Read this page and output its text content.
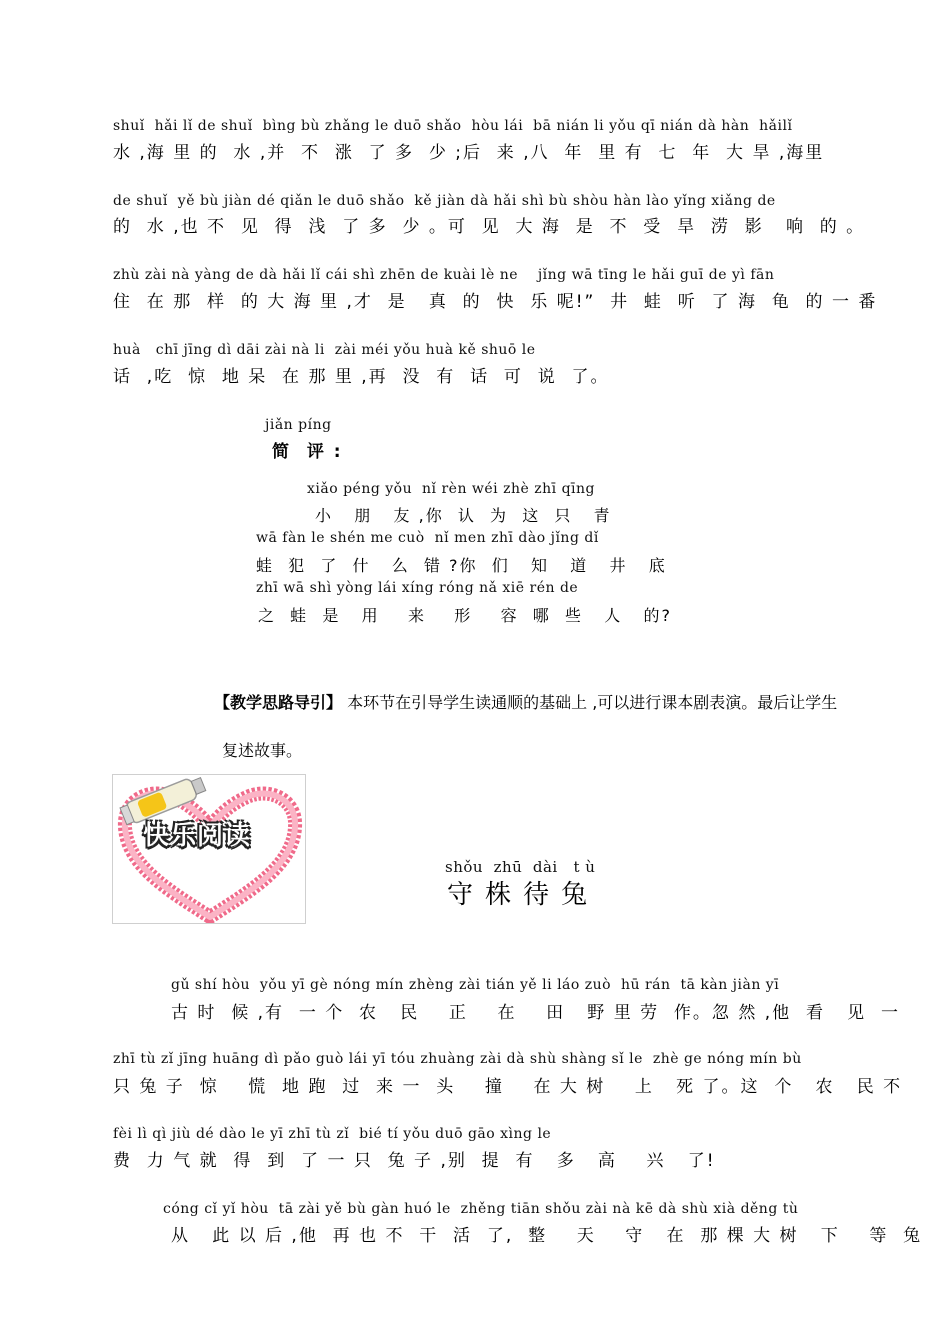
shuǐ  hǎi lǐ de shuǐ  bìng bù zhǎng le duō shǎo  hòu lái  bā nián li yǒu qī nián dà hàn  hǎilǐ
水 ,海 里 的  水 ,并  不  涨  了 多  少 ;后  来 ,八  年  里 有  七  年  大 旱 ,海里
de shuǐ  yě bù jiàn dé qiǎn le duō shǎo  kě jiàn dà hǎi shì bù shòu hàn lào yǐng xiǎng de
的  水 ,也 不  见  得  浅  了 多  少 。可  见  大 海  是  不  受  旱  涝  影   响  的 。
zhù zài nà yàng de dà hǎi lǐ cái shì zhēn de kuài lè ne    jǐng wā tīng le hǎi guī de yì fān
住  在 那  样  的 大 海 里 ,才  是   真  的  快  乐 呢!”  井  蛙  听  了 海  龟  的 一 番
huà   chī jīng dì dāi zài nà li  zài méi yǒu huà kě shuō le
话  ,吃  惊  地 呆  在 那 里 ,再  没  有  话  可  说  了。
jiǎn píng
简  评 :
xiǎo péng yǒu  nǐ rèn wéi zhè zhī qīng
小   朋   友 ,你  认  为  这  只   青
wā fàn le shén me cuò  nǐ men zhī dào jǐng dǐ
蛙  犯  了  什   么  错 ?你  们   知   道   井   底
zhī wā shì yòng lái xíng róng nǎ xiē rén de
之  蛙  是   用    来    形    容  哪  些   人   的?
【教学思路导引】 本环节在引导学生读通顺的基础上 ,可以进行课本剧表演。最后让学生
复述故事。
快乐阅读
shǒu  zhū  dài   t ù
守株待兔
gǔ shí hòu  yǒu yī gè nóng mín zhèng zài tián yě li láo zuò  hū rán  tā kàn jiàn yī
古 时  候 ,有  一 个  农   民    正    在    田   野 里 劳  作。忽 然 ,他  看   见  一
zhī tù zǐ jīng huāng dì pǎo guò lái yī tóu zhuàng zài dà shù shàng sǐ le  zhè ge nóng mín bù
只 兔 子  惊    慌  地 跑  过  来 一  头    撞    在 大 树    上   死 了。这  个   农   民 不
fèi lì qì jiù dé dào le yī zhī tù zǐ  bié tí yǒu duō gāo xìng le
费  力 气 就  得  到  了 一 只  兔 子 ,别  提  有   多   高    兴   了!
cóng cǐ yǐ hòu  tā zài yě bù gàn huó le  zhěng tiān shǒu zài nà kē dà shù xià děng tù
从   此 以 后 ,他  再 也 不  干  活  了,  整    天    守   在  那 棵 大 树   下    等  兔
